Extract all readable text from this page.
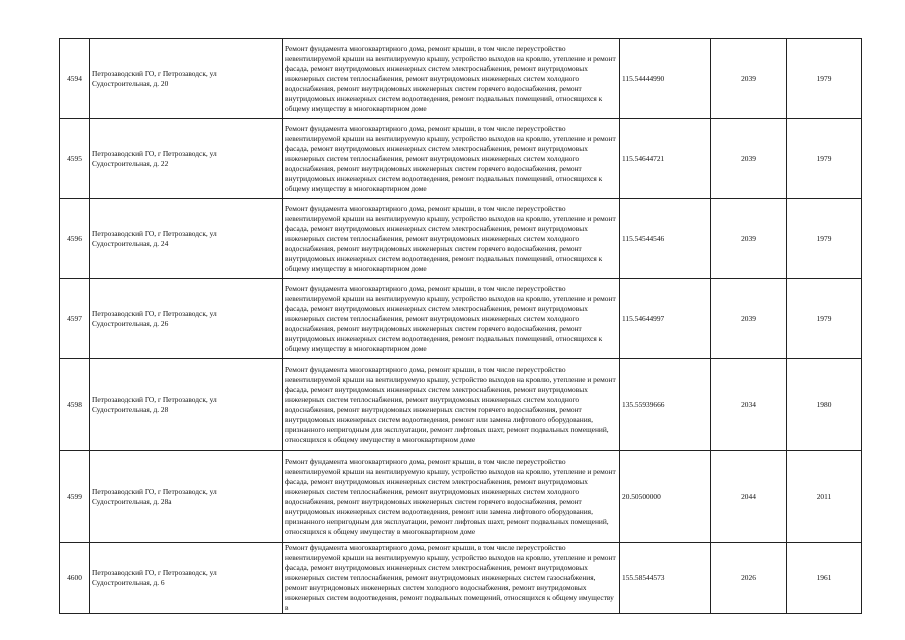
4594	Петрозаводский ГО, г Петрозаводск, ул
Судостроительная, д. 20	Ремонт фундамента многоквартирного дома, ремонт крыши, в том числе переустройство невентилируемой крыши на вентилируемую крышу, устройство выходов на кровлю, утепление и ремонт фасада, ремонт внутридомовых инженерных систем электроснабжения, ремонт внутридомовых инженерных систем теплоснабжения, ремонт внутридомовых инженерных систем холодного водоснабжения, ремонт внутридомовых инженерных систем горячего водоснабжения, ремонт внутридомовых инженерных систем водоотведения, ремонт подвальных помещений, относящихся к общему имуществу в многоквартирном доме	115.54444990	2039	1979
4595	Петрозаводский ГО, г Петрозаводск, ул
Судостроительная, д. 22	Ремонт фундамента многоквартирного дома, ремонт крыши, в том числе переустройство невентилируемой крыши на вентилируемую крышу, устройство выходов на кровлю, утепление и ремонт фасада, ремонт внутридомовых инженерных систем электроснабжения, ремонт внутридомовых инженерных систем теплоснабжения, ремонт внутридомовых инженерных систем холодного водоснабжения, ремонт внутридомовых инженерных систем горячего водоснабжения, ремонт внутридомовых инженерных систем водоотведения, ремонт подвальных помещений, относящихся к общему имуществу в многоквартирном доме	115.54644721	2039	1979
4596	Петрозаводский ГО, г Петрозаводск, ул
Судостроительная, д. 24	Ремонт фундамента многоквартирного дома, ремонт крыши, в том числе переустройство невентилируемой крыши на вентилируемую крышу, устройство выходов на кровлю, утепление и ремонт фасада, ремонт внутридомовых инженерных систем электроснабжения, ремонт внутридомовых инженерных систем теплоснабжения, ремонт внутридомовых инженерных систем холодного водоснабжения, ремонт внутридомовых инженерных систем горячего водоснабжения, ремонт внутридомовых инженерных систем водоотведения, ремонт подвальных помещений, относящихся к общему имуществу в многоквартирном доме	115.54544546	2039	1979
4597	Петрозаводский ГО, г Петрозаводск, ул
Судостроительная, д. 26	Ремонт фундамента многоквартирного дома, ремонт крыши, в том числе переустройство невентилируемой крыши на вентилируемую крышу, устройство выходов на кровлю, утепление и ремонт фасада, ремонт внутридомовых инженерных систем электроснабжения, ремонт внутридомовых инженерных систем теплоснабжения, ремонт внутридомовых инженерных систем холодного водоснабжения, ремонт внутридомовых инженерных систем горячего водоснабжения, ремонт внутридомовых инженерных систем водоотведения, ремонт подвальных помещений, относящихся к общему имуществу в многоквартирном доме	115.54644997	2039	1979
4598	Петрозаводский ГО, г Петрозаводск, ул
Судостроительная, д. 28	Ремонт фундамента многоквартирного дома, ремонт крыши, в том числе переустройство невентилируемой крыши на вентилируемую крышу, устройство выходов на кровлю, утепление и ремонт фасада, ремонт внутридомовых инженерных систем электроснабжения, ремонт внутридомовых инженерных систем теплоснабжения, ремонт внутридомовых инженерных систем холодного водоснабжения, ремонт внутридомовых инженерных систем горячего водоснабжения, ремонт внутридомовых инженерных систем водоотведения, ремонт или замена лифтового оборудования, признанного непригодным для эксплуатации, ремонт лифтовых шахт, ремонт подвальных помещений, относящихся к общему имуществу в многоквартирном доме	135.55939666	2034	1980
4599	Петрозаводский ГО, г Петрозаводск, ул
Судостроительная, д. 28а	Ремонт фундамента многоквартирного дома, ремонт крыши, в том числе переустройство невентилируемой крыши на вентилируемую крышу, устройство выходов на кровлю, утепление и ремонт фасада, ремонт внутридомовых инженерных систем электроснабжения, ремонт внутридомовых инженерных систем теплоснабжения, ремонт внутридомовых инженерных систем холодного водоснабжения, ремонт внутридомовых инженерных систем горячего водоснабжения, ремонт внутридомовых инженерных систем водоотведения, ремонт или замена лифтового оборудования, признанного непригодным для эксплуатации, ремонт лифтовых шахт, ремонт подвальных помещений, относящихся к общему имуществу в многоквартирном доме	20.50500000	2044	2011
4600	Петрозаводский ГО, г Петрозаводск, ул
Судостроительная, д. 6	Ремонт фундамента многоквартирного дома, ремонт крыши, в том числе переустройство невентилируемой крыши на вентилируемую крышу, устройство выходов на кровлю, утепление и ремонт фасада, ремонт внутридомовых инженерных систем электроснабжения, ремонт внутридомовых инженерных систем теплоснабжения, ремонт внутридомовых инженерных систем газоснабжения, ремонт внутридомовых инженерных систем холодного водоснабжения, ремонт внутридомовых инженерных систем водоотведения, ремонт подвальных помещений, относящихся к общему имуществу в	155.58544573	2026	1961
